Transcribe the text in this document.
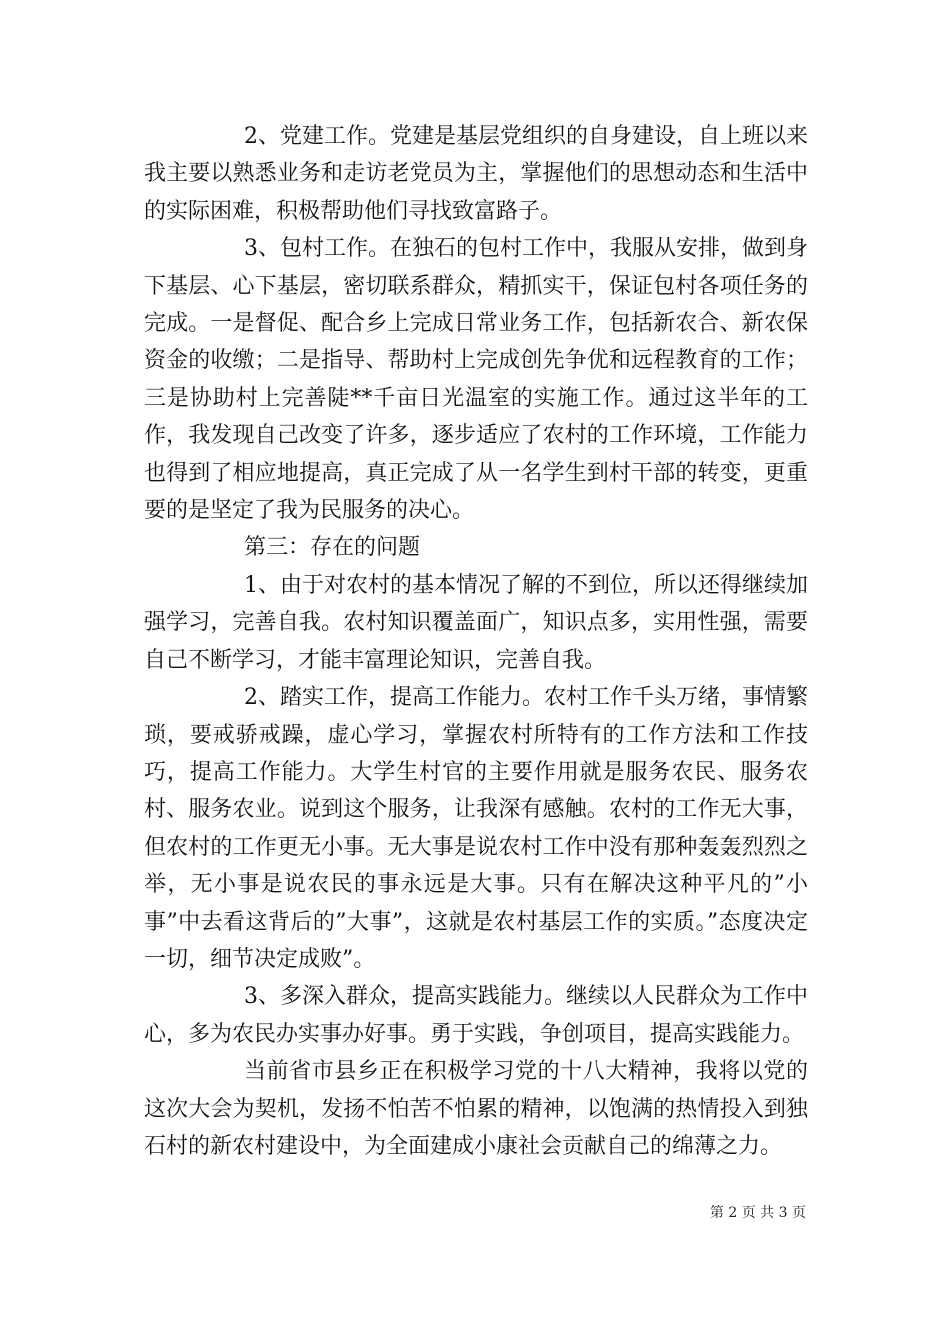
2、党建工作。党建是基层党组织的自身建设，自上班以来我主要以熟悉业务和走访老党员为主，掌握他们的思想动态和生活中的实际困难，积极帮助他们寻找致富路子。

3、包村工作。在独石的包村工作中，我服从安排，做到身下基层、心下基层，密切联系群众，精抓实干，保证包村各项任务的完成。一是督促、配合乡上完成日常业务工作，包括新农合、新农保资金的收缴；二是指导、帮助村上完成创先争优和远程教育的工作；三是协助村上完善陡**千亩日光温室的实施工作。通过这半年的工作，我发现自己改变了许多，逐步适应了农村的工作环境，工作能力也得到了相应地提高，真正完成了从一名学生到村干部的转变，更重要的是坚定了我为民服务的决心。

第三：存在的问题

1、由于对农村的基本情况了解的不到位，所以还得继续加强学习，完善自我。农村知识覆盖面广，知识点多，实用性强，需要自己不断学习，才能丰富理论知识，完善自我。

2、踏实工作，提高工作能力。农村工作千头万绪，事情繁琐，要戒骄戒躁，虚心学习，掌握农村所特有的工作方法和工作技巧，提高工作能力。大学生村官的主要作用就是服务农民、服务农村、服务农业。说到这个服务，让我深有感触。农村的工作无大事，但农村的工作更无小事。无大事是说农村工作中没有那种轰轰烈烈之举，无小事是说农民的事永远是大事。只有在解决这种平凡的”小事”中去看这背后的”大事”，这就是农村基层工作的实质。”态度决定一切，细节决定成败”。

3、多深入群众，提高实践能力。继续以人民群众为工作中心，多为农民办实事办好事。勇于实践，争创项目，提高实践能力。

当前省市县乡正在积极学习党的十八大精神，我将以党的这次大会为契机，发扬不怕苦不怕累的精神，以饱满的热情投入到独石村的新农村建设中，为全面建成小康社会贡献自己的绵薄之力。

第 2 页 共 3 页
